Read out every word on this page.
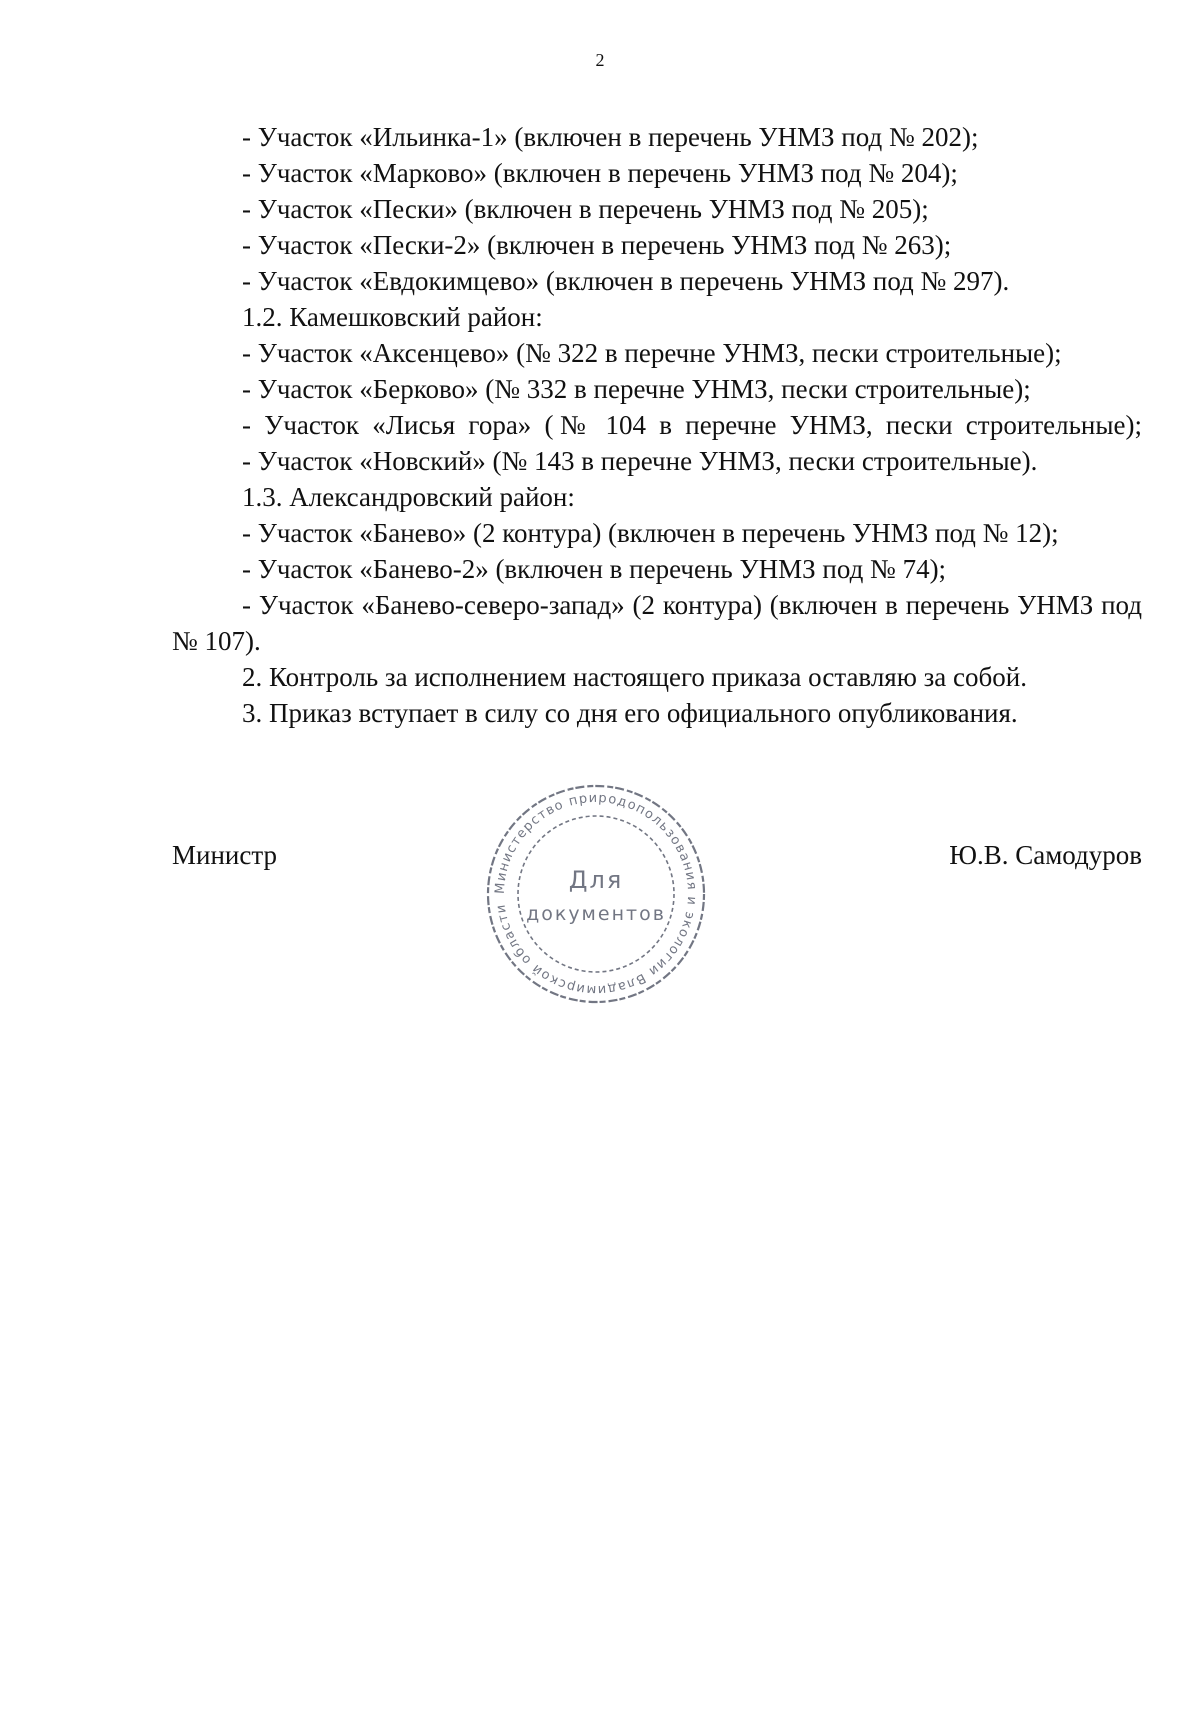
2
- Участок «Ильинка-1» (включен в перечень УНМЗ под № 202);
- Участок «Марково» (включен в перечень УНМЗ под № 204);
- Участок «Пески» (включен в перечень УНМЗ под № 205);
- Участок «Пески-2» (включен в перечень УНМЗ под № 263);
- Участок «Евдокимцево» (включен в перечень УНМЗ под № 297).
1.2. Камешковский район:
- Участок «Аксенцево» (№ 322 в перечне УНМЗ, пески строительные);
- Участок «Берково» (№ 332 в перечне УНМЗ, пески строительные);
- Участок «Лисья гора» (№ 104 в перечне УНМЗ, пески строительные);
- Участок «Новский» (№ 143 в перечне УНМЗ, пески строительные).
1.3. Александровский район:
- Участок «Банево» (2 контура) (включен в перечень УНМЗ под № 12);
- Участок «Банево-2» (включен в перечень УНМЗ под № 74);
- Участок «Банево-северо-запад» (2 контура) (включен в перечень УНМЗ под № 107).
2. Контроль за исполнением настоящего приказа оставляю за собой.
3. Приказ вступает в силу со дня его официального опубликования.
Министр	Ю.В. Самодуров
Министерство природопользования и экологии Владимирской области
Для
документов
